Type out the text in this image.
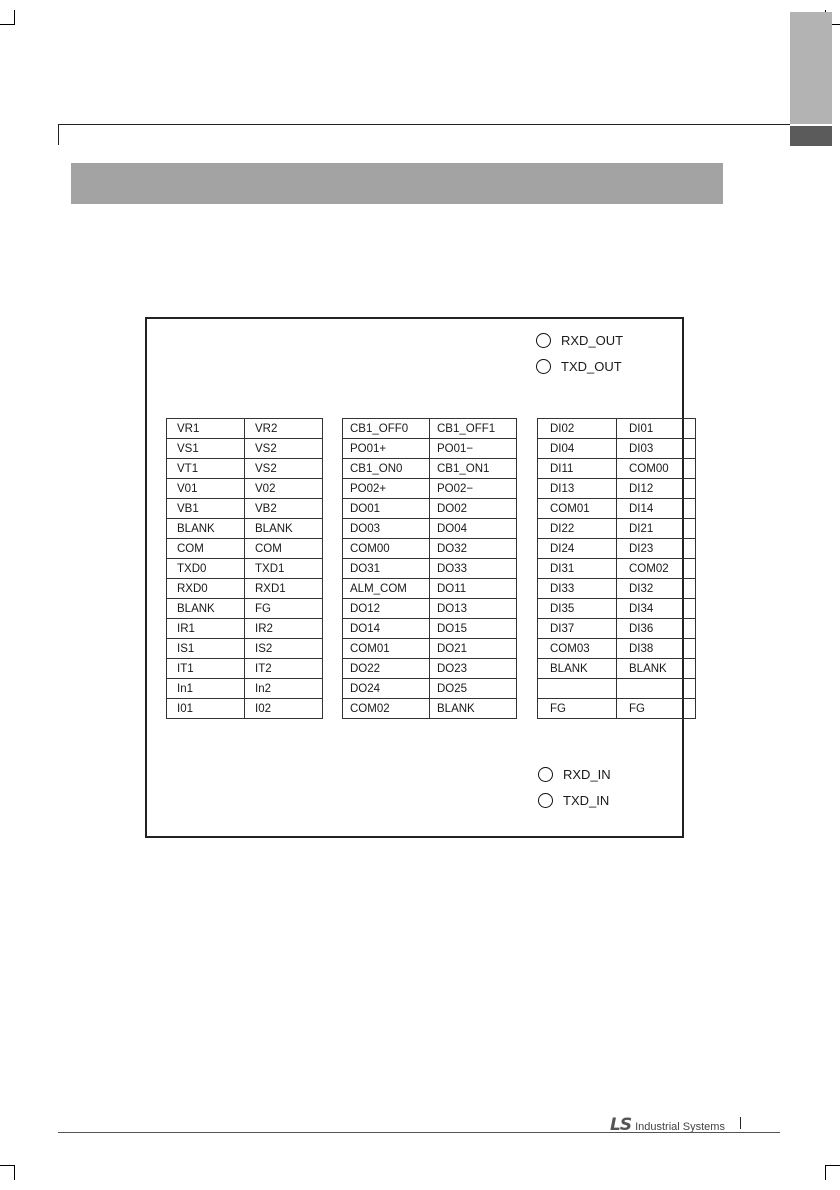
RXD_OUT
TXD_OUT
VR1	VR2
VS1	VS2
VT1	VS2
V01	V02
VB1	VB2
BLANK	BLANK
COM	COM
TXD0	TXD1
RXD0	RXD1
BLANK	FG
IR1	IR2
IS1	IS2
IT1	IT2
In1	In2
I01	I02
CB1_OFF0	CB1_OFF1
PO01+	PO01−
CB1_ON0	CB1_ON1
PO02+	PO02−
DO01	DO02
DO03	DO04
COM00	DO32
DO31	DO33
ALM_COM	DO11
DO12	DO13
DO14	DO15
COM01	DO21
DO22	DO23
DO24	DO25
COM02	BLANK
DI02	DI01
DI04	DI03
DI11	COM00
DI13	DI12
COM01	DI14
DI22	DI21
DI24	DI23
DI31	COM02
DI33	DI32
DI35	DI34
DI37	DI36
COM03	DI38
BLANK	BLANK

FG	FG
RXD_IN
TXD_IN
LS Industrial Systems
